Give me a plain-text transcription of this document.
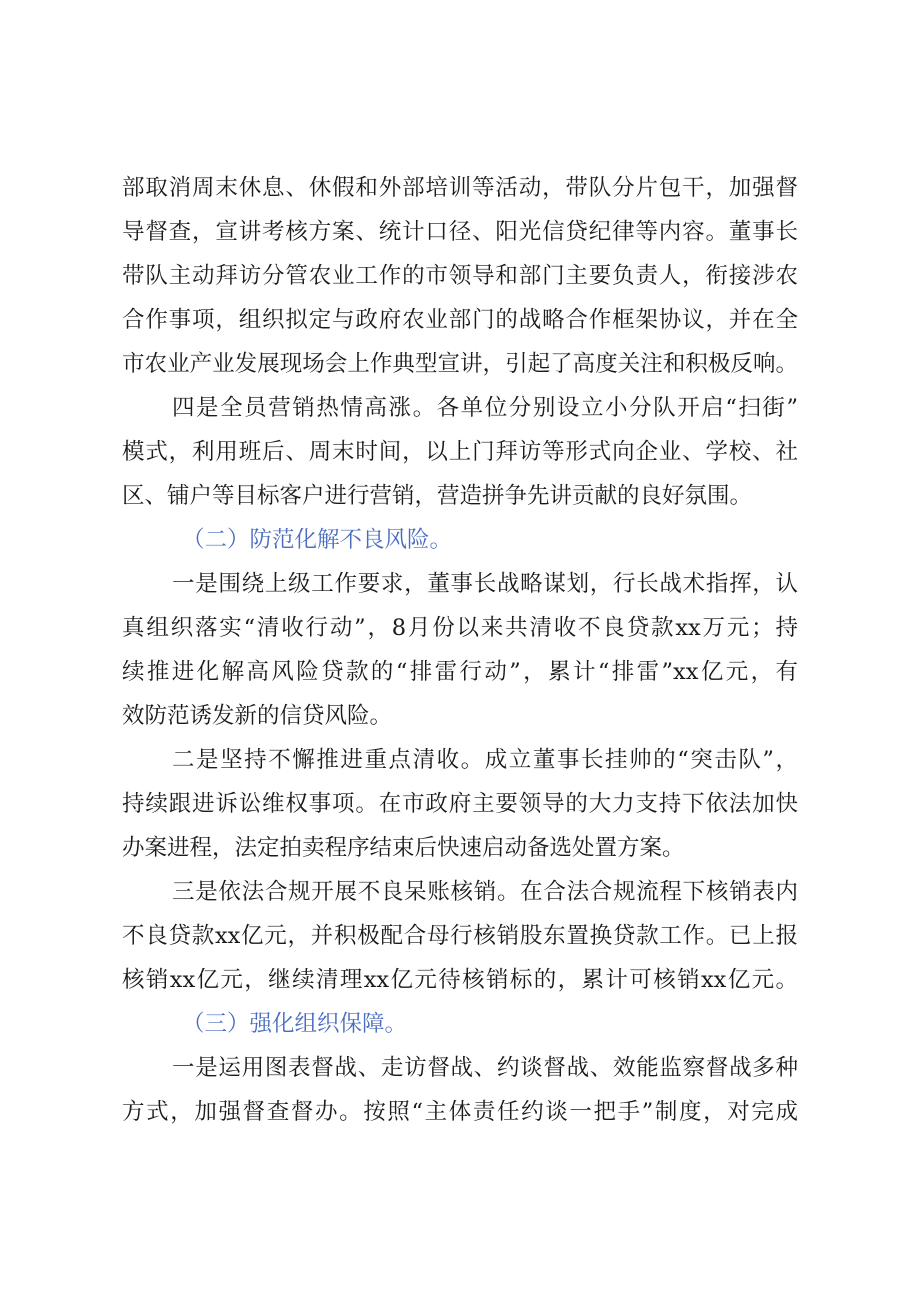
部取消周末休息、休假和外部培训等活动，带队分片包干，加强督
导督查，宣讲考核方案、统计口径、阳光信贷纪律等内容。董事长
带队主动拜访分管农业工作的市领导和部门主要负责人，衔接涉农
合作事项，组织拟定与政府农业部门的战略合作框架协议，并在全
市农业产业发展现场会上作典型宣讲，引起了高度关注和积极反响。
四是全员营销热情高涨。各单位分别设立小分队开启“扫街”
模式，利用班后、周末时间，以上门拜访等形式向企业、学校、社
区、铺户等目标客户进行营销，营造拼争先讲贡献的良好氛围。
（二）防范化解不良风险。
一是围绕上级工作要求，董事长战略谋划，行长战术指挥，认
真组织落实“清收行动”，8月份以来共清收不良贷款xx万元；持
续推进化解高风险贷款的“排雷行动”，累计“排雷”xx亿元，有
效防范诱发新的信贷风险。
二是坚持不懈推进重点清收。成立董事长挂帅的“突击队”，
持续跟进诉讼维权事项。在市政府主要领导的大力支持下依法加快
办案进程，法定拍卖程序结束后快速启动备选处置方案。
三是依法合规开展不良呆账核销。在合法合规流程下核销表内
不良贷款xx亿元，并积极配合母行核销股东置换贷款工作。已上报
核销xx亿元，继续清理xx亿元待核销标的，累计可核销xx亿元。
（三）强化组织保障。
一是运用图表督战、走访督战、约谈督战、效能监察督战多种
方式，加强督查督办。按照“主体责任约谈一把手”制度，对完成
